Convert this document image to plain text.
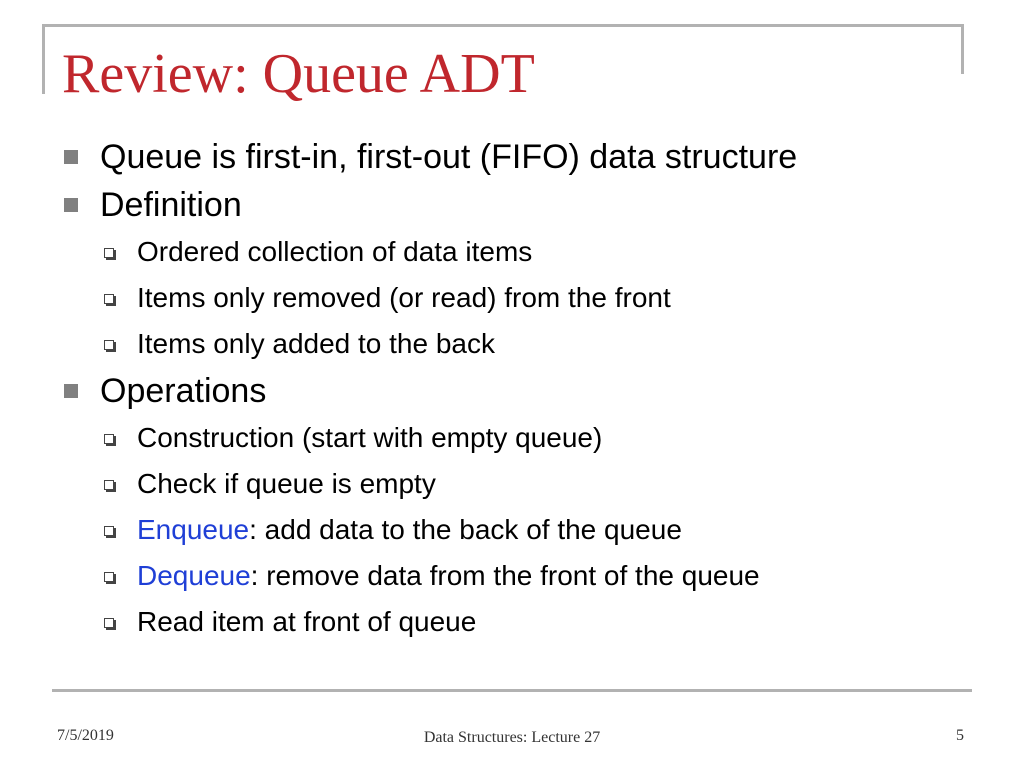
Review: Queue ADT
Queue is first-in, first-out (FIFO) data structure
Definition
Ordered collection of data items
Items only removed (or read) from the front
Items only added to the back
Operations
Construction (start with empty queue)
Check if queue is empty
Enqueue: add data to the back of the queue
Dequeue: remove data from the front of the queue
Read item at front of queue
7/5/2019	Data Structures: Lecture 27	5
